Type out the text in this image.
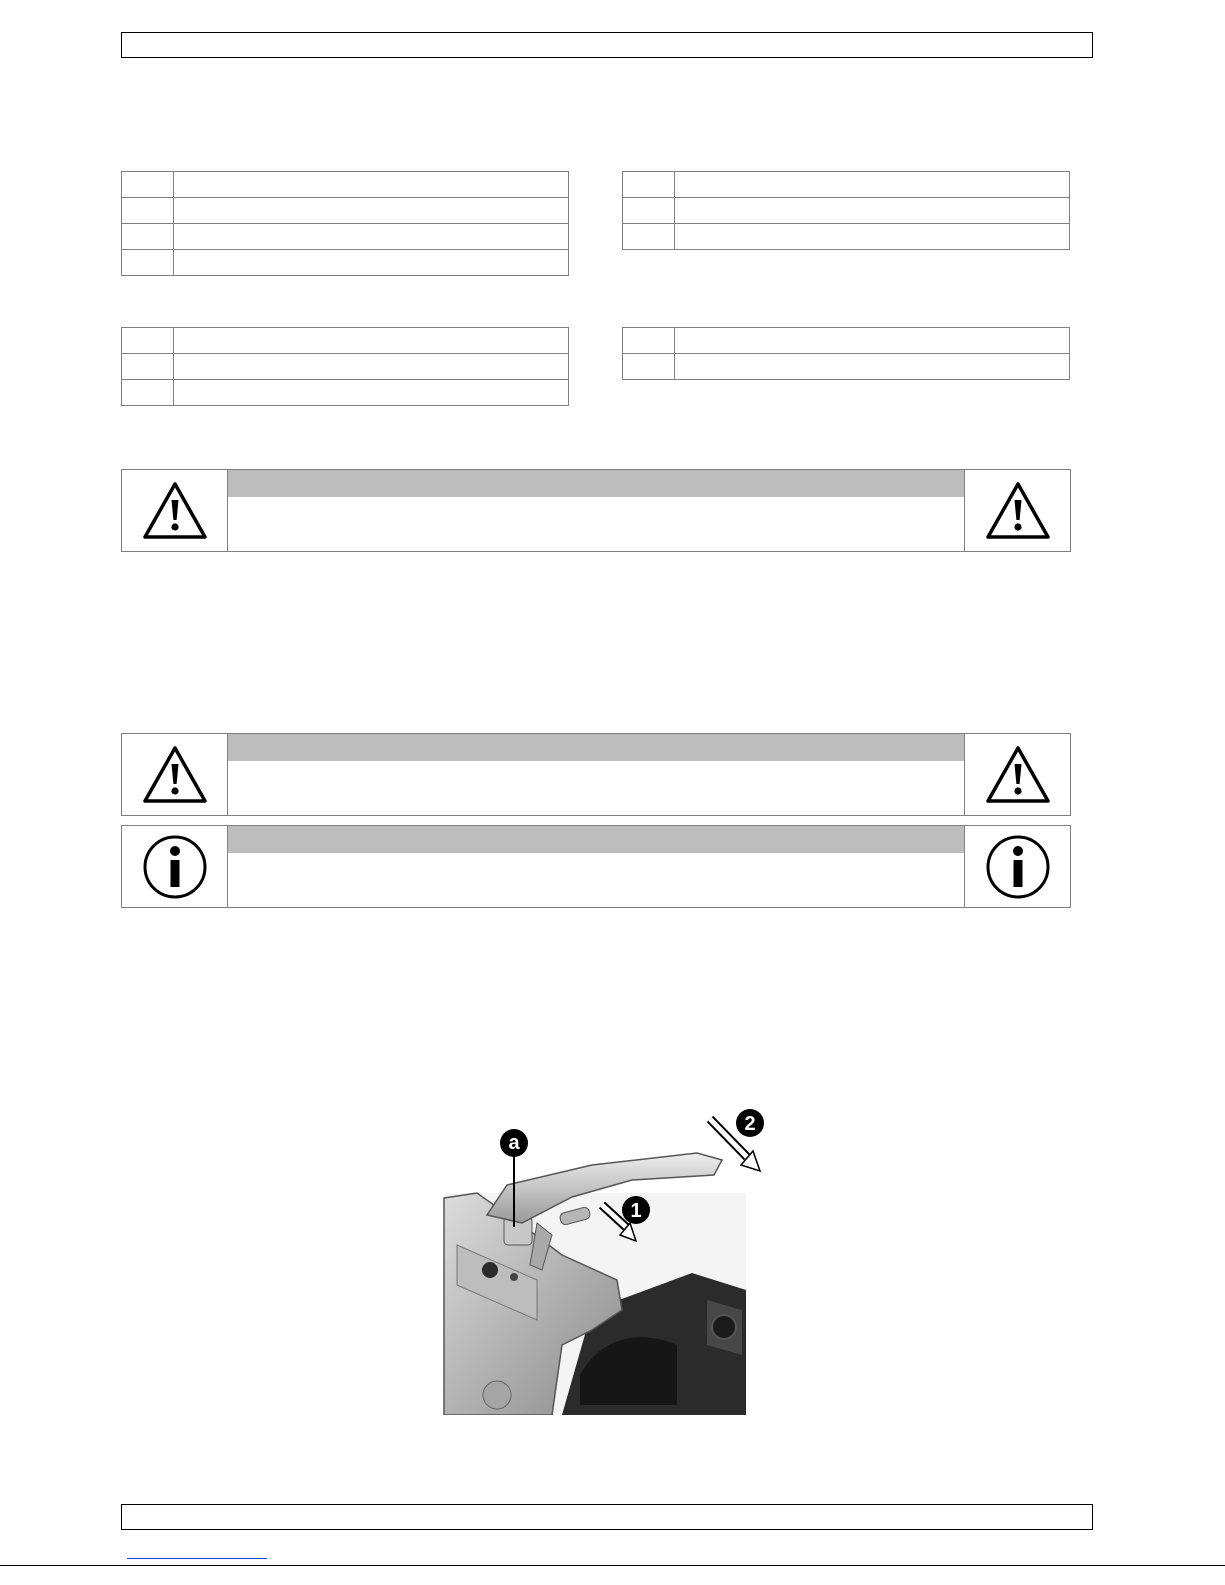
a
1
2
